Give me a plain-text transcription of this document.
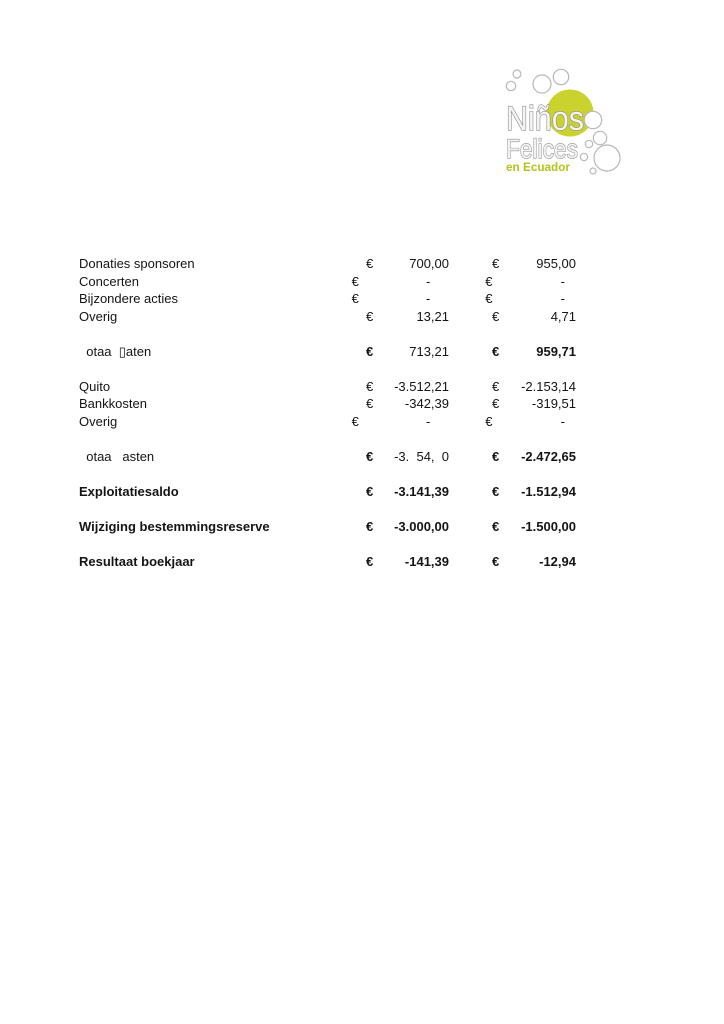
Niños
Felices
en Ecuador
Donaties sponsoren	€	700,00	€	955,00
Concerten	€	-	€	-
Bijzondere acties	€	-	€	-
Overig	€	13,21	€	4,71
otaa  ▯aten	€	713,21	€	959,71
Quito	€	-3.512,21	€	-2.153,14
Bankkosten	€	-342,39	€	-319,51
Overig	€	-	€	-
otaa   asten	€	-3.  54,  0	€	-2.472,65
Exploitatiesaldo	€	-3.141,39	€	-1.512,94
Wijziging bestemmingsreserve	€	-3.000,00	€	-1.500,00
Resultaat boekjaar	€	-141,39	€	-12,94
